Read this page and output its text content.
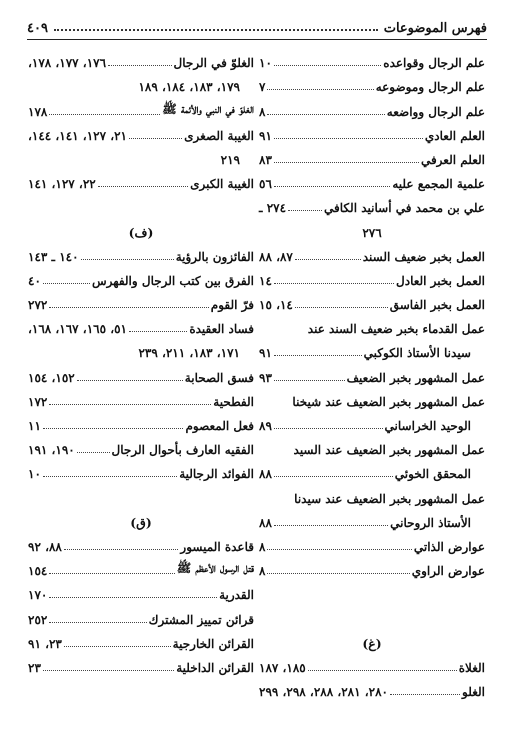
فهرس الموضوعات
٤٠٩
علم الرجال وقواعده
١٠
علم الرجال وموضوعه
٧
علم الرجال وواضعه
٨
العلم العادي
٩١
العلم العرفي
٨٣
علمية المجمع عليه
٥٦
علي بن محمد في أسانيد الكافي
٢٧٤ ـ
٢٧٦
العمل بخبر ضعيف السند
٨٧، ٨٨
العمل بخبر العادل
١٤
العمل بخبر الفاسق
١٤، ١٥
عمل القدماء بخبر ضعيف السند عند
سيدنا الأستاذ الكوكبي
٩١
عمل المشهور بخبر الضعيف
٩٣
عمل المشهور بخبر الضعيف عند شيخنا
الوحيد الخراساني
٨٩
عمل المشهور بخبر الضعيف عند السيد
المحقق الخوئي
٨٨
عمل المشهور بخبر الضعيف عند سيدنا
الأستاذ الروحاني
٨٨
عوارض الذاتي
٨
عوارض الراوي
٨
(غ)
الغلاة
١٨٥، ١٨٧
الغلو
٢٨٠، ٢٨١، ٢٨٨، ٢٩٨، ٢٩٩
الغلوّ في الرجال
١٧٦، ١٧٧، ١٧٨،
١٧٩، ١٨٣، ١٨٤، ١٨٩
الغلوّ في النبي والأئمة ﷺ
١٧٨
الغيبة الصغرى
٢١، ١٢٧، ١٤١، ١٤٤،
٢١٩
الغيبة الكبرى
٢٢، ١٢٧، ١٤١
(ف)
الفائزون بالرؤية
١٤٠ ـ ١٤٣
الفرق بين كتب الرجال والفهرس
٤٠
فرّ القوم
٢٧٢
فساد العقيدة
٥١، ١٦٥، ١٦٧، ١٦٨،
١٧١، ١٨٣، ٢١١، ٢٣٩
فسق الصحابة
١٥٢، ١٥٤
الفطحية
١٧٢
فعل المعصوم
١١
الفقيه العارف بأحوال الرجال
١٩٠، ١٩١
الفوائد الرجالية
١٠
(ق)
قاعدة الميسور
٨٨، ٩٢
قتل الرسول الأعظم ﷺ
١٥٤
القدرية
١٧٠
قرائن تمييز المشترك
٢٥٢
القرائن الخارجية
٢٣، ٩١
القرائن الداخلية
٢٣
